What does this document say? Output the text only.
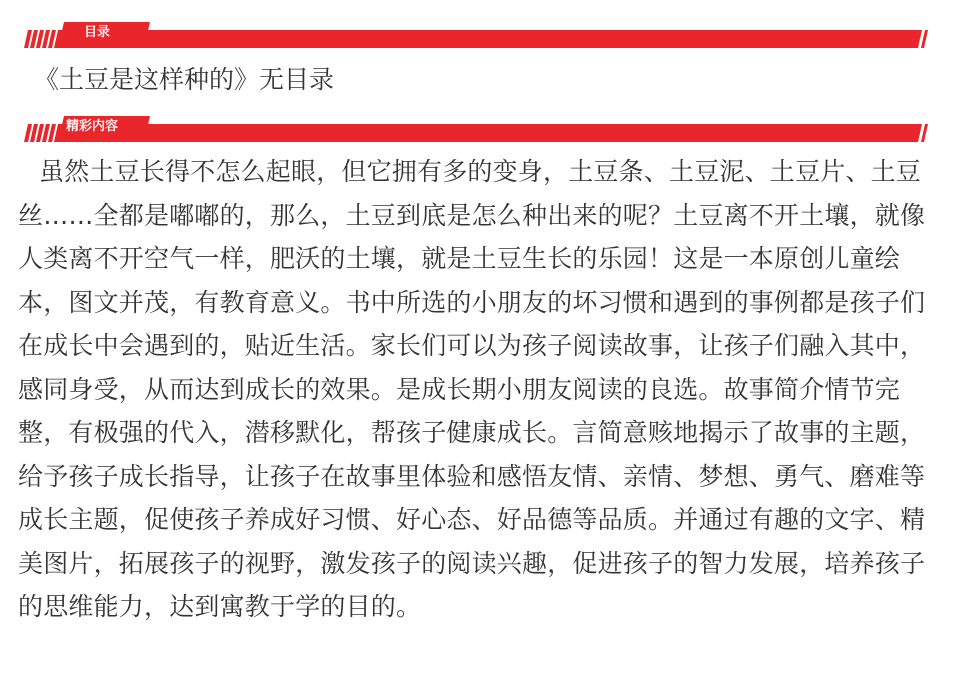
目录
《土豆是这样种的》无目录
精彩内容

虽然土豆长得不怎么起眼，但它拥有多的变身，土豆条、土豆泥、土豆片、土豆丝……全都是嘟嘟的，那么，土豆到底是怎么种出来的呢？土豆离不开土壤，就像人类离不开空气一样，肥沃的土壤，就是土豆生长的乐园！这是一本原创儿童绘本，图文并茂，有教育意义。书中所选的小朋友的坏习惯和遇到的事例都是孩子们在成长中会遇到的，贴近生活。家长们可以为孩子阅读故事，让孩子们融入其中，感同身受，从而达到成长的效果。是成长期小朋友阅读的良选。故事简介情节完整，有极强的代入，潜移默化，帮孩子健康成长。言简意赅地揭示了故事的主题，给予孩子成长指导，让孩子在故事里体验和感悟友情、亲情、梦想、勇气、磨难等成长主题，促使孩子养成好习惯、好心态、好品德等品质。并通过有趣的文字、精美图片，拓展孩子的视野，激发孩子的阅读兴趣，促进孩子的智力发展，培养孩子的思维能力，达到寓教于学的目的。
